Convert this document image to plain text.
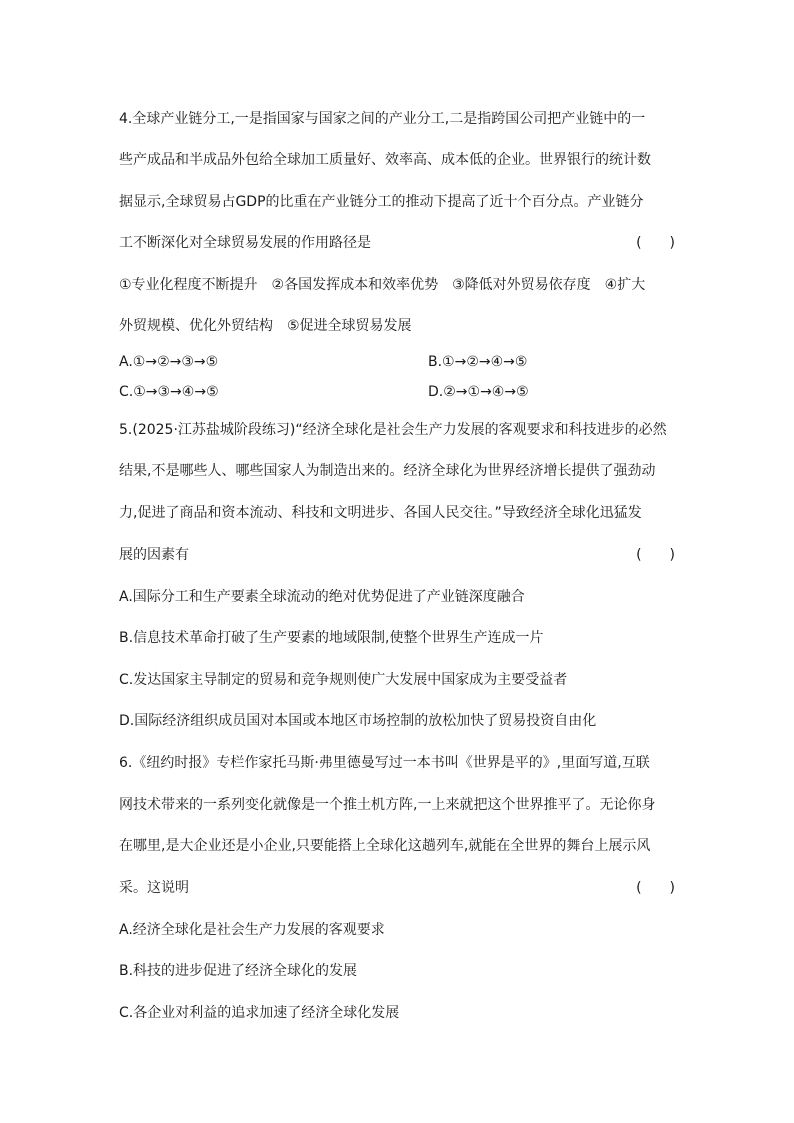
4.全球产业链分工,一是指国家与国家之间的产业分工,二是指跨国公司把产业链中的一
些产成品和半成品外包给全球加工质量好、效率高、成本低的企业。世界银行的统计数
据显示,全球贸易占GDP的比重在产业链分工的推动下提高了近十个百分点。产业链分
工不断深化对全球贸易发展的作用路径是	(　　)
①专业化程度不断提升　②各国发挥成本和效率优势　③降低对外贸易依存度　④扩大
外贸规模、优化外贸结构　⑤促进全球贸易发展
A.①→②→③→⑤	B.①→②→④→⑤
C.①→③→④→⑤	D.②→①→④→⑤
5.(2025·江苏盐城阶段练习)“经济全球化是社会生产力发展的客观要求和科技进步的必然
结果,不是哪些人、哪些国家人为制造出来的。经济全球化为世界经济增长提供了强劲动
力,促进了商品和资本流动、科技和文明进步、各国人民交往。”导致经济全球化迅猛发
展的因素有	(　　)
A.国际分工和生产要素全球流动的绝对优势促进了产业链深度融合
B.信息技术革命打破了生产要素的地域限制,使整个世界生产连成一片
C.发达国家主导制定的贸易和竞争规则使广大发展中国家成为主要受益者
D.国际经济组织成员国对本国或本地区市场控制的放松加快了贸易投资自由化
6.《纽约时报》专栏作家托马斯·弗里德曼写过一本书叫《世界是平的》,里面写道,互联
网技术带来的一系列变化就像是一个推土机方阵,一上来就把这个世界推平了。无论你身
在哪里,是大企业还是小企业,只要能搭上全球化这趟列车,就能在全世界的舞台上展示风
采。这说明	(　　)
A.经济全球化是社会生产力发展的客观要求
B.科技的进步促进了经济全球化的发展
C.各企业对利益的追求加速了经济全球化发展
